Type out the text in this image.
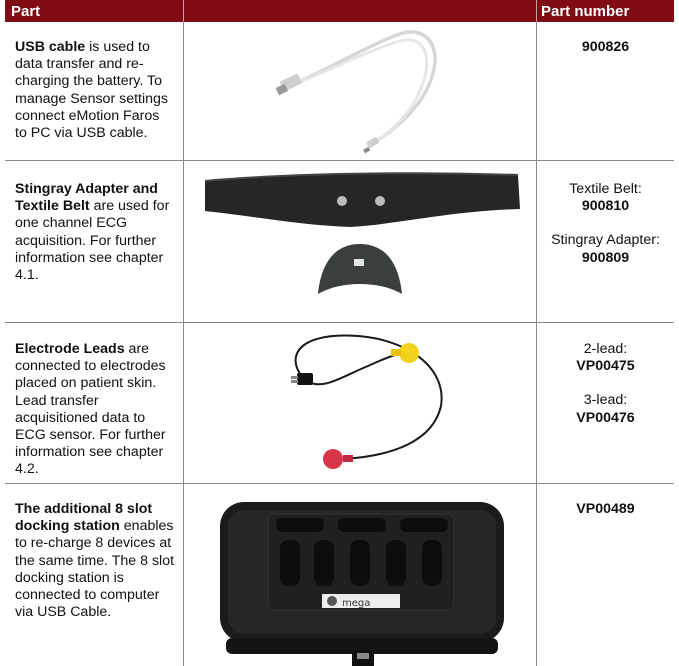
Part	Part number
USB cable is used to data transfer and re-charging the battery. To manage Sensor settings connect eMotion Faros to PC via USB cable.
900826
Stingray Adapter and Textile Belt are used for one channel ECG acquisition. For further information see chapter 4.1.
Textile Belt:
900810
Stingray Adapter:
900809
Electrode Leads are connected to electrodes placed on patient skin. Lead transfer acquisitioned data to ECG sensor. For further information see chapter 4.2.
2-lead:
VP00475
3-lead:
VP00476
The additional 8 slot docking station enables to re-charge 8 devices at the same time. The 8 slot docking station is connected to computer via USB Cable.
mega
VP00489
